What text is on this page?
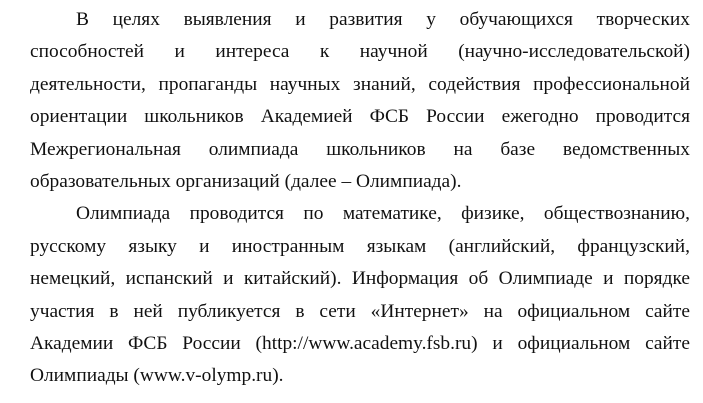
В целях выявления и развития у обучающихся творческих
способностей и интереса к научной (научно-исследовательской)
деятельности, пропаганды научных знаний, содействия профессиональной
ориентации школьников Академией ФСБ России ежегодно проводится
Межрегиональная олимпиада школьников на базе ведомственных
образовательных организаций (далее – Олимпиада).

Олимпиада проводится по математике, физике, обществознанию,
русскому языку и иностранным языкам (английский, французский,
немецкий, испанский и китайский). Информация об Олимпиаде и порядке
участия в ней публикуется в сети «Интернет» на официальном сайте
Академии ФСБ России (http://www.academy.fsb.ru) и официальном сайте
Олимпиады (www.v-olymp.ru).
